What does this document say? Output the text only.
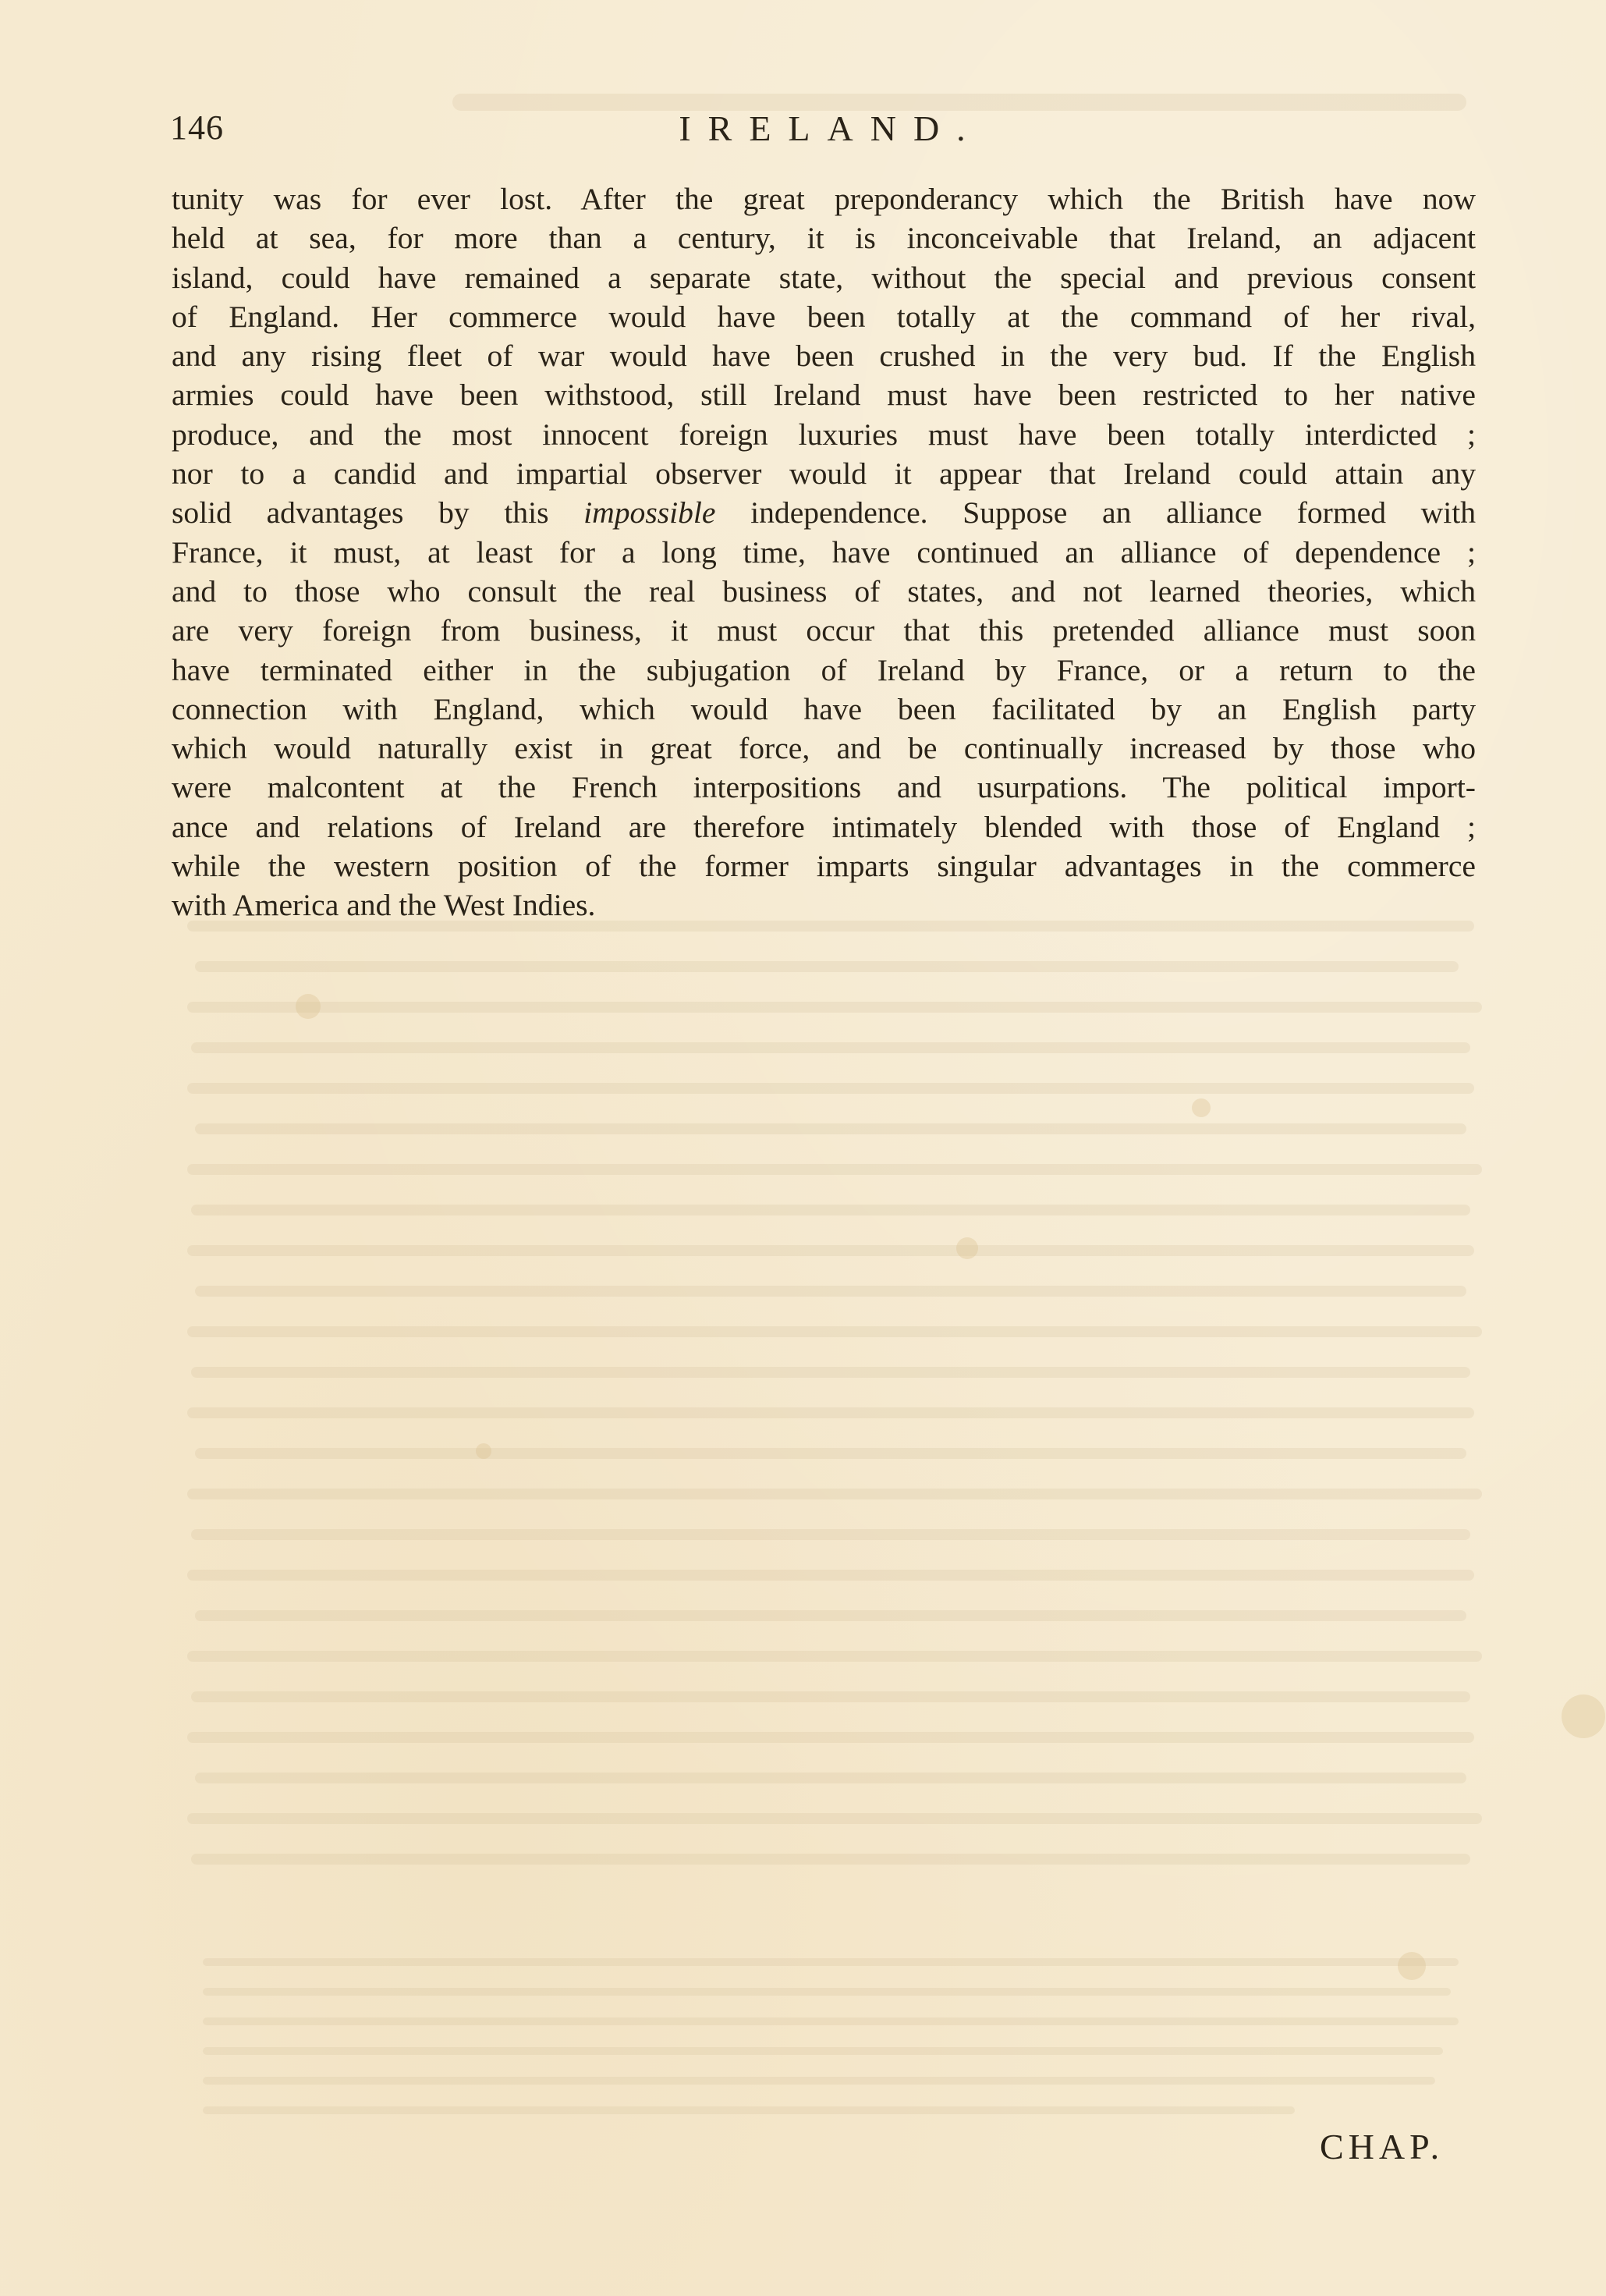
146	IRELAND.
tunity was for ever lost. After the great preponderancy which the British have now
held at sea, for more than a century, it is inconceivable that Ireland, an adjacent
island, could have remained a separate state, without the special and previous consent
of England. Her commerce would have been totally at the command of her rival,
and any rising fleet of war would have been crushed in the very bud. If the English
armies could have been withstood, still Ireland must have been restricted to her native
produce, and the most innocent foreign luxuries must have been totally interdicted ;
nor to a candid and impartial observer would it appear that Ireland could attain any
solid advantages by this impossible independence. Suppose an alliance formed with
France, it must, at least for a long time, have continued an alliance of dependence ;
and to those who consult the real business of states, and not learned theories, which
are very foreign from business, it must occur that this pretended alliance must soon
have terminated either in the subjugation of Ireland by France, or a return to the
connection with England, which would have been facilitated by an English party
which would naturally exist in great force, and be continually increased by those who
were malcontent at the French interpositions and usurpations. The political import-
ance and relations of Ireland are therefore intimately blended with those of England ;
while the western position of the former imparts singular advantages in the commerce
with America and the West Indies.
CHAP.
